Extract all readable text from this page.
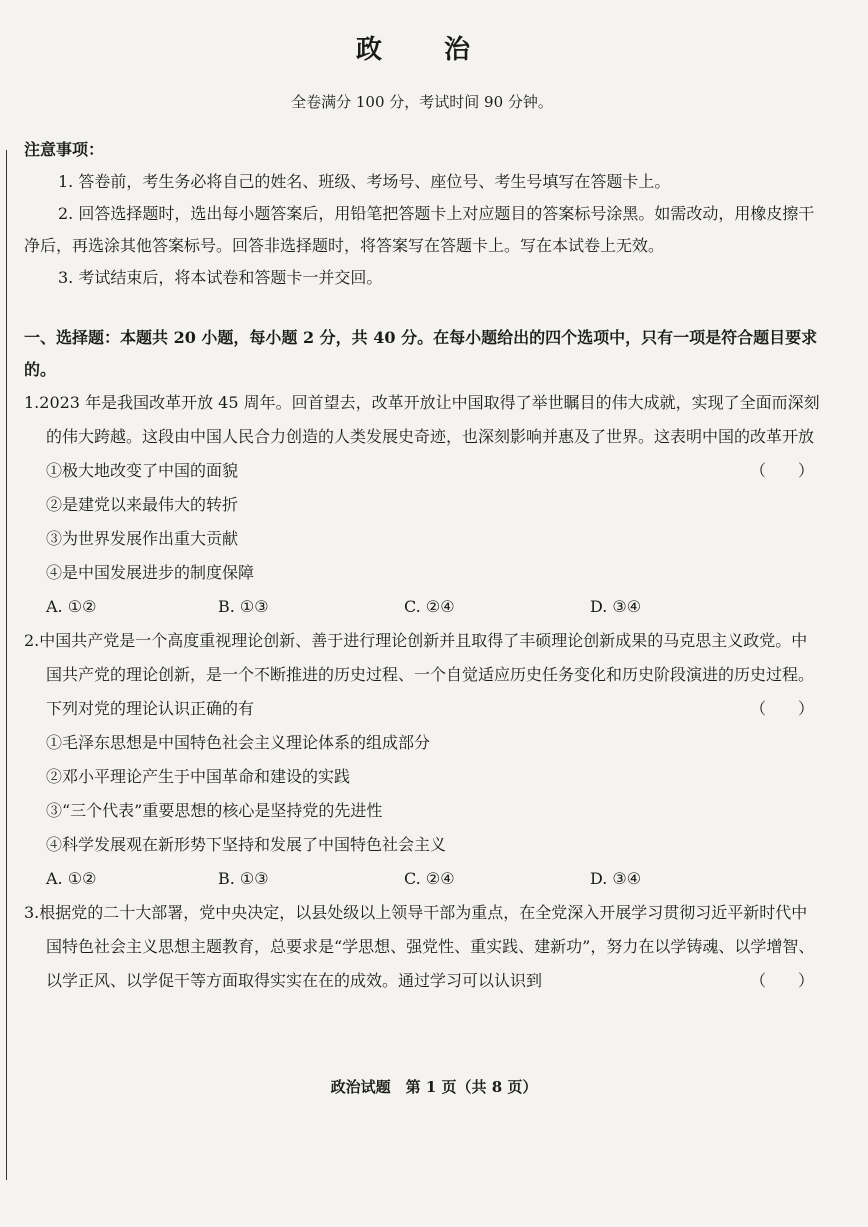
政　治
全卷满分 100 分，考试时间 90 分钟。
注意事项：
1. 答卷前，考生务必将自己的姓名、班级、考场号、座位号、考生号填写在答题卡上。
2. 回答选择题时，选出每小题答案后，用铅笔把答题卡上对应题目的答案标号涂黑。如需改动，用橡皮擦干净后，再选涂其他答案标号。回答非选择题时，将答案写在答题卡上。写在本试卷上无效。
3. 考试结束后，将本试卷和答题卡一并交回。
一、选择题：本题共 20 小题，每小题 2 分，共 40 分。在每小题给出的四个选项中，只有一项是符合题目要求的。
1.2023 年是我国改革开放 45 周年。回首望去，改革开放让中国取得了举世瞩目的伟大成就，实现了全面而深刻的伟大跨越。这段由中国人民合力创造的人类发展史奇迹，也深刻影响并惠及了世界。这表明中国的改革开放
（　　）
①极大地改变了中国的面貌
②是建党以来最伟大的转折
③为世界发展作出重大贡献
④是中国发展进步的制度保障
A. ①②	B. ①③	C. ②④	D. ③④
2.中国共产党是一个高度重视理论创新、善于进行理论创新并且取得了丰硕理论创新成果的马克思主义政党。中国共产党的理论创新，是一个不断推进的历史过程、一个自觉适应历史任务变化和历史阶段演进的历史过程。下列对党的理论认识正确的有	（　　）
①毛泽东思想是中国特色社会主义理论体系的组成部分
②邓小平理论产生于中国革命和建设的实践
③“三个代表”重要思想的核心是坚持党的先进性
④科学发展观在新形势下坚持和发展了中国特色社会主义
A. ①②	B. ①③	C. ②④	D. ③④
3.根据党的二十大部署，党中央决定，以县处级以上领导干部为重点，在全党深入开展学习贯彻习近平新时代中国特色社会主义思想主题教育，总要求是“学思想、强党性、重实践、建新功”，努力在以学铸魂、以学增智、以学正风、以学促干等方面取得实实在在的成效。通过学习可以认识到	（　　）
政治试题　第 1 页（共 8 页）
